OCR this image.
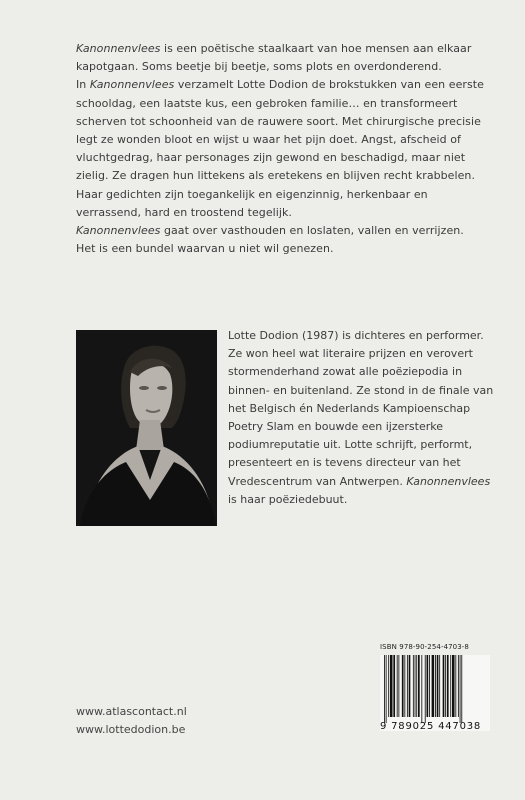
Kanonnenvlees is een poëtische staalkaart van hoe mensen aan elkaar kapotgaan. Soms beetje bij beetje, soms plots en overdonderend.

In Kanonnenvlees verzamelt Lotte Dodion de brokstukken van een eerste schooldag, een laatste kus, een gebroken familie… en transformeert scherven tot schoonheid van de rauwere soort. Met chirurgische precisie legt ze wonden bloot en wijst u waar het pijn doet. Angst, afscheid of vluchtgedrag, haar personages zijn gewond en beschadigd, maar niet zielig. Ze dragen hun littekens als eretekens en blijven recht krabbelen. Haar gedichten zijn toegankelijk en eigenzinnig, herkenbaar en verrassend, hard en troostend tegelijk.

Kanonnenvlees gaat over vasthouden en loslaten, vallen en verrijzen. Het is een bundel waarvan u niet wil genezen.

Lotte Dodion (1987) is dichteres en performer. Ze won heel wat literaire prijzen en verovert stormenderhand zowat alle poëziepodia in binnen- en buitenland. Ze stond in de finale van het Belgisch én Nederlands Kampioenschap Poetry Slam en bouwde een ijzersterke podiumreputatie uit. Lotte schrijft, performt, presenteert en is tevens directeur van het Vredescentrum van Antwerpen. Kanonnenvlees is haar poëziedebuut.
ISBN 978-90-254-4703-8
9 789025 447038
www.atlascontact.nl
www.lottedodion.be
